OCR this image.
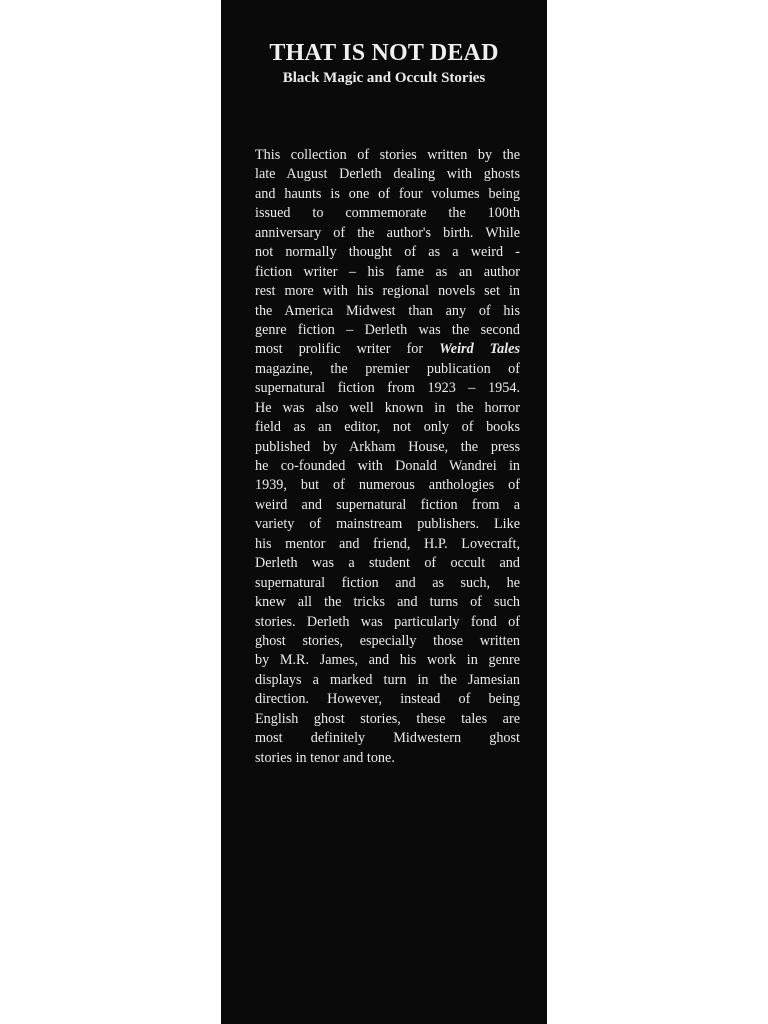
THAT IS NOT DEAD
Black Magic and Occult Stories
This collection of stories written by the
late August Derleth dealing with ghosts
and haunts is one of four volumes being
issued to commemorate the 100th
anniversary of the author's birth. While
not normally thought of as a weird -
fiction writer – his fame as an author
rest more with his regional novels set in
the America Midwest than any of his
genre fiction – Derleth was the second
most prolific writer for Weird Tales
magazine, the premier publication of
supernatural fiction from 1923 – 1954.
He was also well known in the horror
field as an editor, not only of books
published by Arkham House, the press
he co-founded with Donald Wandrei in
1939, but of numerous anthologies of
weird and supernatural fiction from a
variety of mainstream publishers. Like
his mentor and friend, H.P. Lovecraft,
Derleth was a student of occult and
supernatural fiction and as such, he
knew all the tricks and turns of such
stories. Derleth was particularly fond of
ghost stories, especially those written
by M.R. James, and his work in genre
displays a marked turn in the Jamesian
direction. However, instead of being
English ghost stories, these tales are
most definitely Midwestern ghost
stories in tenor and tone.
